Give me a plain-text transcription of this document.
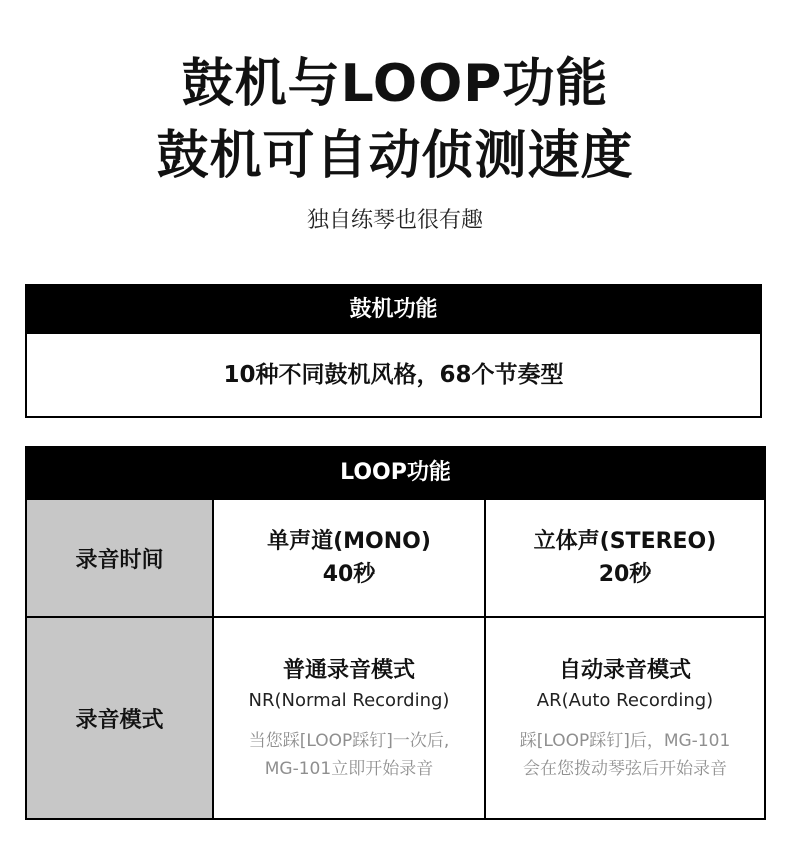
鼓机与LOOP功能
鼓机可自动侦测速度
独自练琴也很有趣
鼓机功能
10种不同鼓机风格，68个节奏型
LOOP功能
录音时间
单声道(MONO)
40秒
立体声(STEREO)
20秒
录音模式
普通录音模式
NR(Normal Recording)
当您踩[LOOP踩钉]一次后,
MG-101立即开始录音
自动录音模式
AR(Auto Recording)
踩[LOOP踩钉]后，MG-101
会在您拨动琴弦后开始录音
